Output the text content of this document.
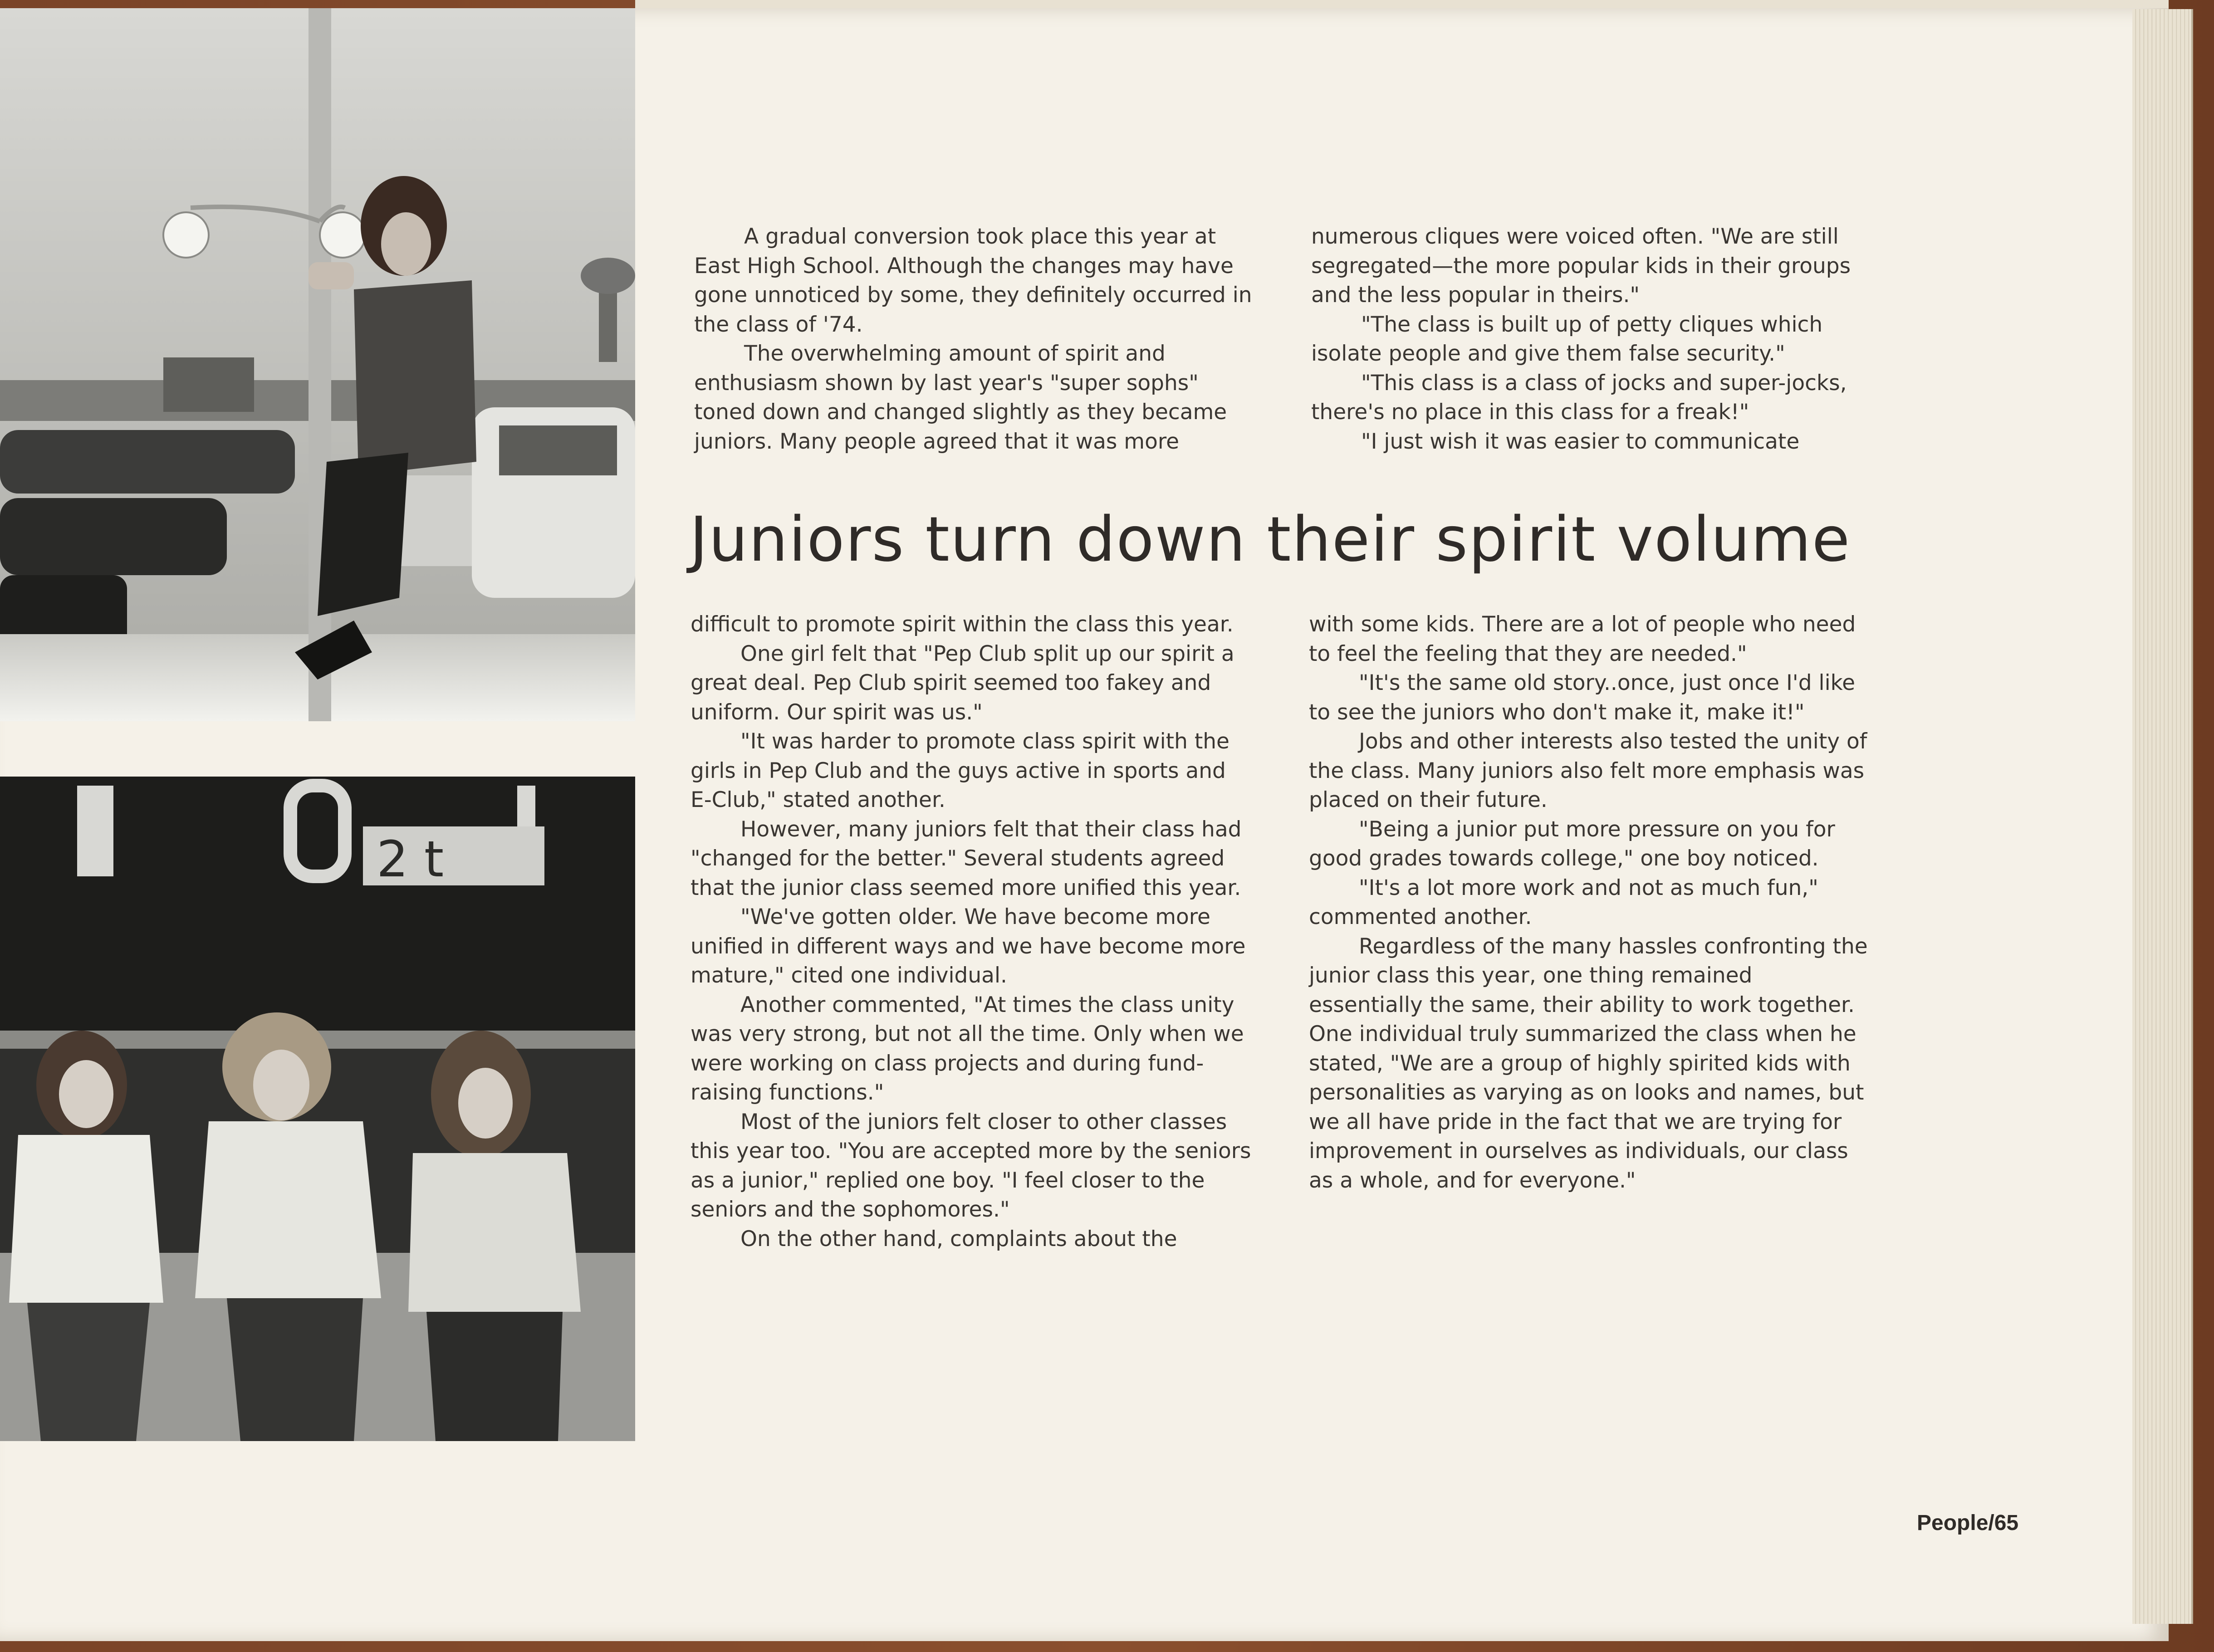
2 t

A gradual conversion took place this year at East High School. Although the changes may have gone unnoticed by some, they definitely occurred in the class of '74.

The overwhelming amount of spirit and enthusiasm shown by last year's "super sophs" toned down and changed slightly as they became juniors. Many people agreed that it was more

numerous cliques were voiced often. "We are still segregated—the more popular kids in their groups and the less popular in theirs."

"The class is built up of petty cliques which isolate people and give them false security."

"This class is a class of jocks and super-jocks, there's no place in this class for a freak!"

"I just wish it was easier to communicate

Juniors turn down their spirit volume

difficult to promote spirit within the class this year.

One girl felt that "Pep Club split up our spirit a great deal. Pep Club spirit seemed too fakey and uniform. Our spirit was us."

"It was harder to promote class spirit with the girls in Pep Club and the guys active in sports and E-Club," stated another.

However, many juniors felt that their class had "changed for the better." Several students agreed that the junior class seemed more unified this year.

"We've gotten older. We have become more unified in different ways and we have become more mature," cited one individual.

Another commented, "At times the class unity was very strong, but not all the time. Only when we were working on class projects and during fund-raising functions."

Most of the juniors felt closer to other classes this year too. "You are accepted more by the seniors as a junior," replied one boy. "I feel closer to the seniors and the sophomores."

On the other hand, complaints about the

with some kids. There are a lot of people who need to feel the feeling that they are needed."

"It's the same old story..once, just once I'd like to see the juniors who don't make it, make it!"

Jobs and other interests also tested the unity of the class. Many juniors also felt more emphasis was placed on their future.

"Being a junior put more pressure on you for good grades towards college," one boy noticed.

"It's a lot more work and not as much fun," commented another.

Regardless of the many hassles confronting the junior class this year, one thing remained essentially the same, their ability to work together. One individual truly summarized the class when he stated, "We are a group of highly spirited kids with personalities as varying as on looks and names, but we all have pride in the fact that we are trying for improvement in ourselves as individuals, our class as a whole, and for everyone."

People/65
